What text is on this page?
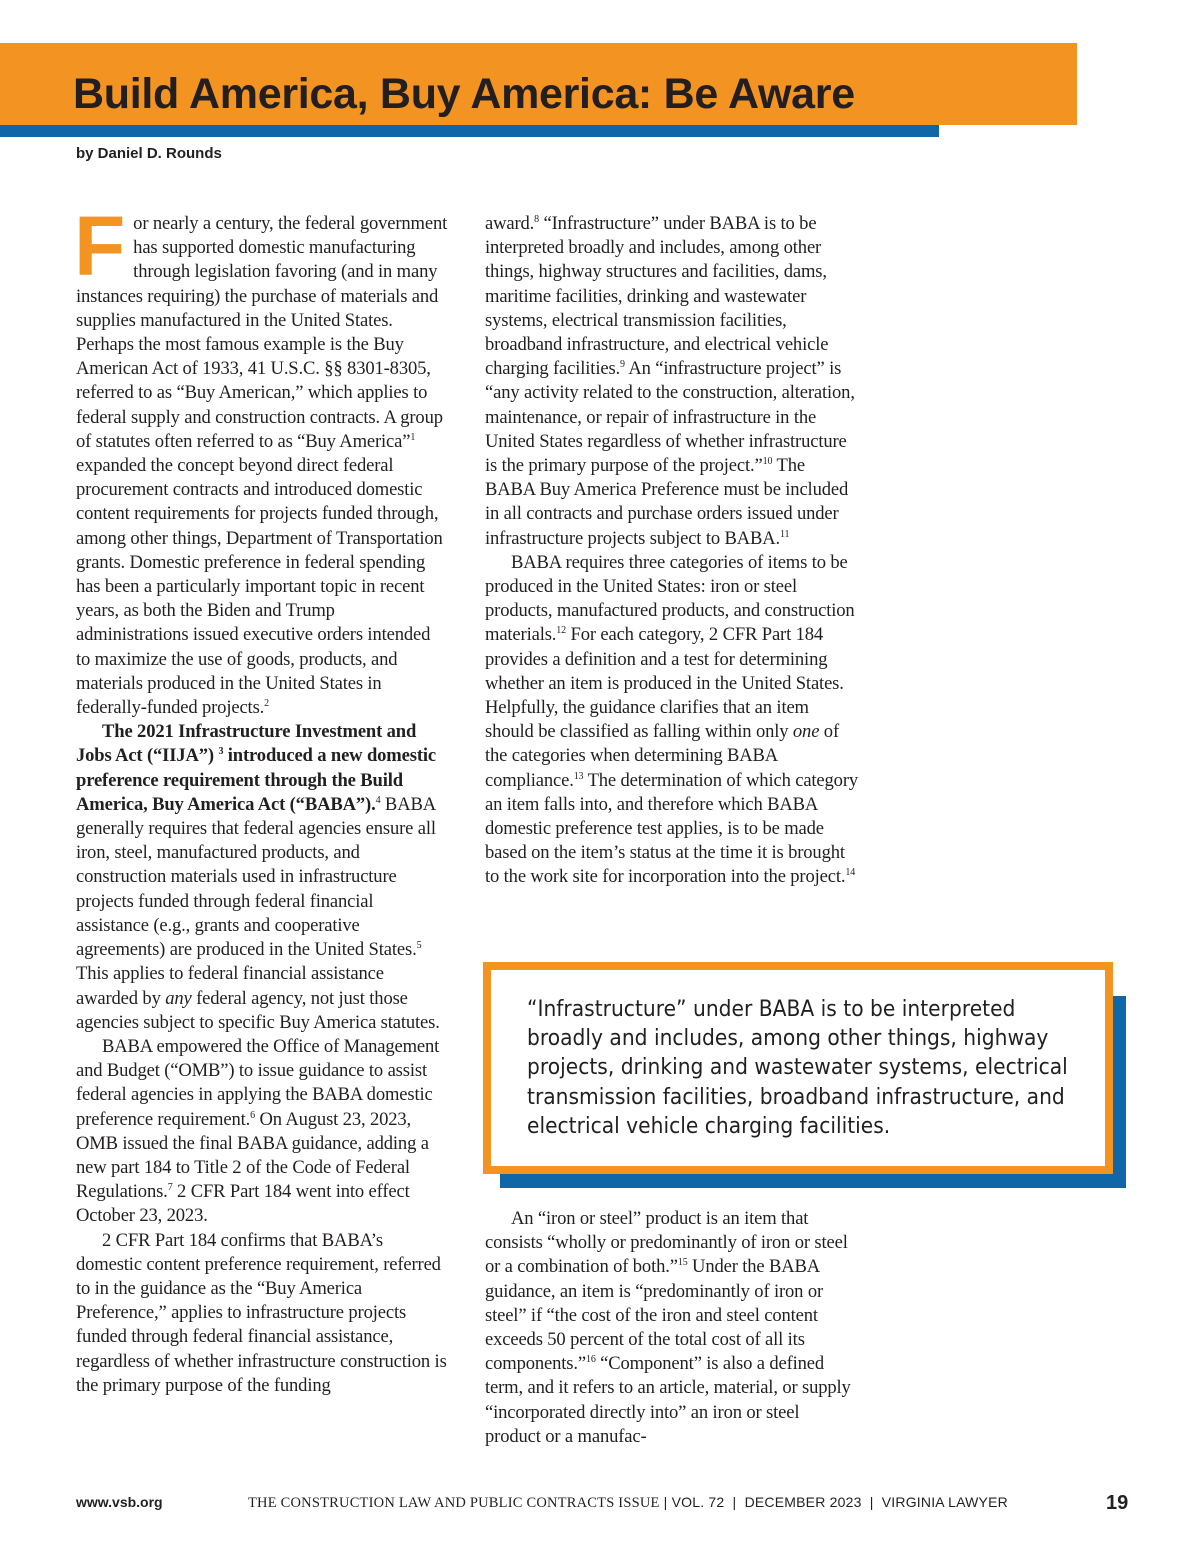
Build America, Buy America: Be Aware
by Daniel D. Rounds

For nearly a century, the federal government has supported domestic manufacturing through legislation favoring (and in many instances requiring) the purchase of materials and supplies manufactured in the United States. Perhaps the most famous example is the Buy American Act of 1933, 41 U.S.C. §§ 8301-8305, referred to as “Buy American,” which applies to federal supply and construction contracts. A group of statutes often referred to as “Buy America”$^1$ expanded the concept beyond direct federal procurement contracts and introduced domestic content requirements for projects funded through, among other things, Department of Transportation grants. Domestic preference in federal spending has been a particularly important topic in recent years, as both the Biden and Trump administrations issued executive orders intended to maximize the use of goods, products, and materials produced in the United States in federally-funded projects.$^2$

The 2021 Infrastructure Investment and Jobs Act (“IIJA”) $^3$ introduced a new domestic preference requirement through the Build America, Buy America Act (“BABA”).$^4$ BABA generally requires that federal agencies ensure all iron, steel, manufactured products, and construction materials used in infrastructure projects funded through federal financial assistance (e.g., grants and cooperative agreements) are produced in the United States.$^5$ This applies to federal financial assistance awarded by any federal agency, not just those agencies subject to specific Buy America statutes.

BABA empowered the Office of Management and Budget (“OMB”) to issue guidance to assist federal agencies in applying the BABA domestic preference requirement.$^6$ On August 23, 2023, OMB issued the final BABA guidance, adding a new part 184 to Title 2 of the Code of Federal Regulations.$^7$ 2 CFR Part 184 went into effect October 23, 2023.

2 CFR Part 184 confirms that BABA’s domestic content preference requirement, referred to in the guidance as the “Buy America Preference,” applies to infrastructure projects funded through federal financial assistance, regardless of whether infrastructure construction is the primary purpose of the funding

award.$^8$ “Infrastructure” under BABA is to be interpreted broadly and includes, among other things, highway structures and facilities, dams, maritime facilities, drinking and wastewater systems, electrical transmission facilities, broadband infrastructure, and electrical vehicle charging facilities.$^9$ An “infrastructure project” is “any activity related to the construction, alteration, maintenance, or repair of infrastructure in the United States regardless of whether infrastructure is the primary purpose of the project.”$^{10}$ The BABA Buy America Preference must be included in all contracts and purchase orders issued under infrastructure projects subject to BABA.$^{11}$

BABA requires three categories of items to be produced in the United States: iron or steel products, manufactured products, and construction materials.$^{12}$ For each category, 2 CFR Part 184 provides a definition and a test for determining whether an item is produced in the United States. Helpfully, the guidance clarifies that an item should be classified as falling within only one of the categories when determining BABA compliance.$^{13}$ The determination of which category an item falls into, and therefore which BABA domestic preference test applies, is to be made based on the item’s status at the time it is brought to the work site for incorporation into the project.$^{14}$

“Infrastructure” under BABA is to be interpreted broadly and includes, among other things, highway projects, drinking and wastewater systems, electrical transmission facilities, broadband infrastructure, and electrical vehicle charging facilities.

An “iron or steel” product is an item that consists “wholly or predominantly of iron or steel or a combination of both.”$^{15}$ Under the BABA guidance, an item is “predominantly of iron or steel” if “the cost of the iron and steel content exceeds 50 percent of the total cost of all its components.”$^{16}$ “Component” is also a defined term, and it refers to an article, material, or supply “incorporated directly into” an iron or steel product or a manufac-

www.vsb.org	THE CONSTRUCTION LAW AND PUBLIC CONTRACTS ISSUE | VOL. 72  |  DECEMBER 2023  |  VIRGINIA LAWYER	19
